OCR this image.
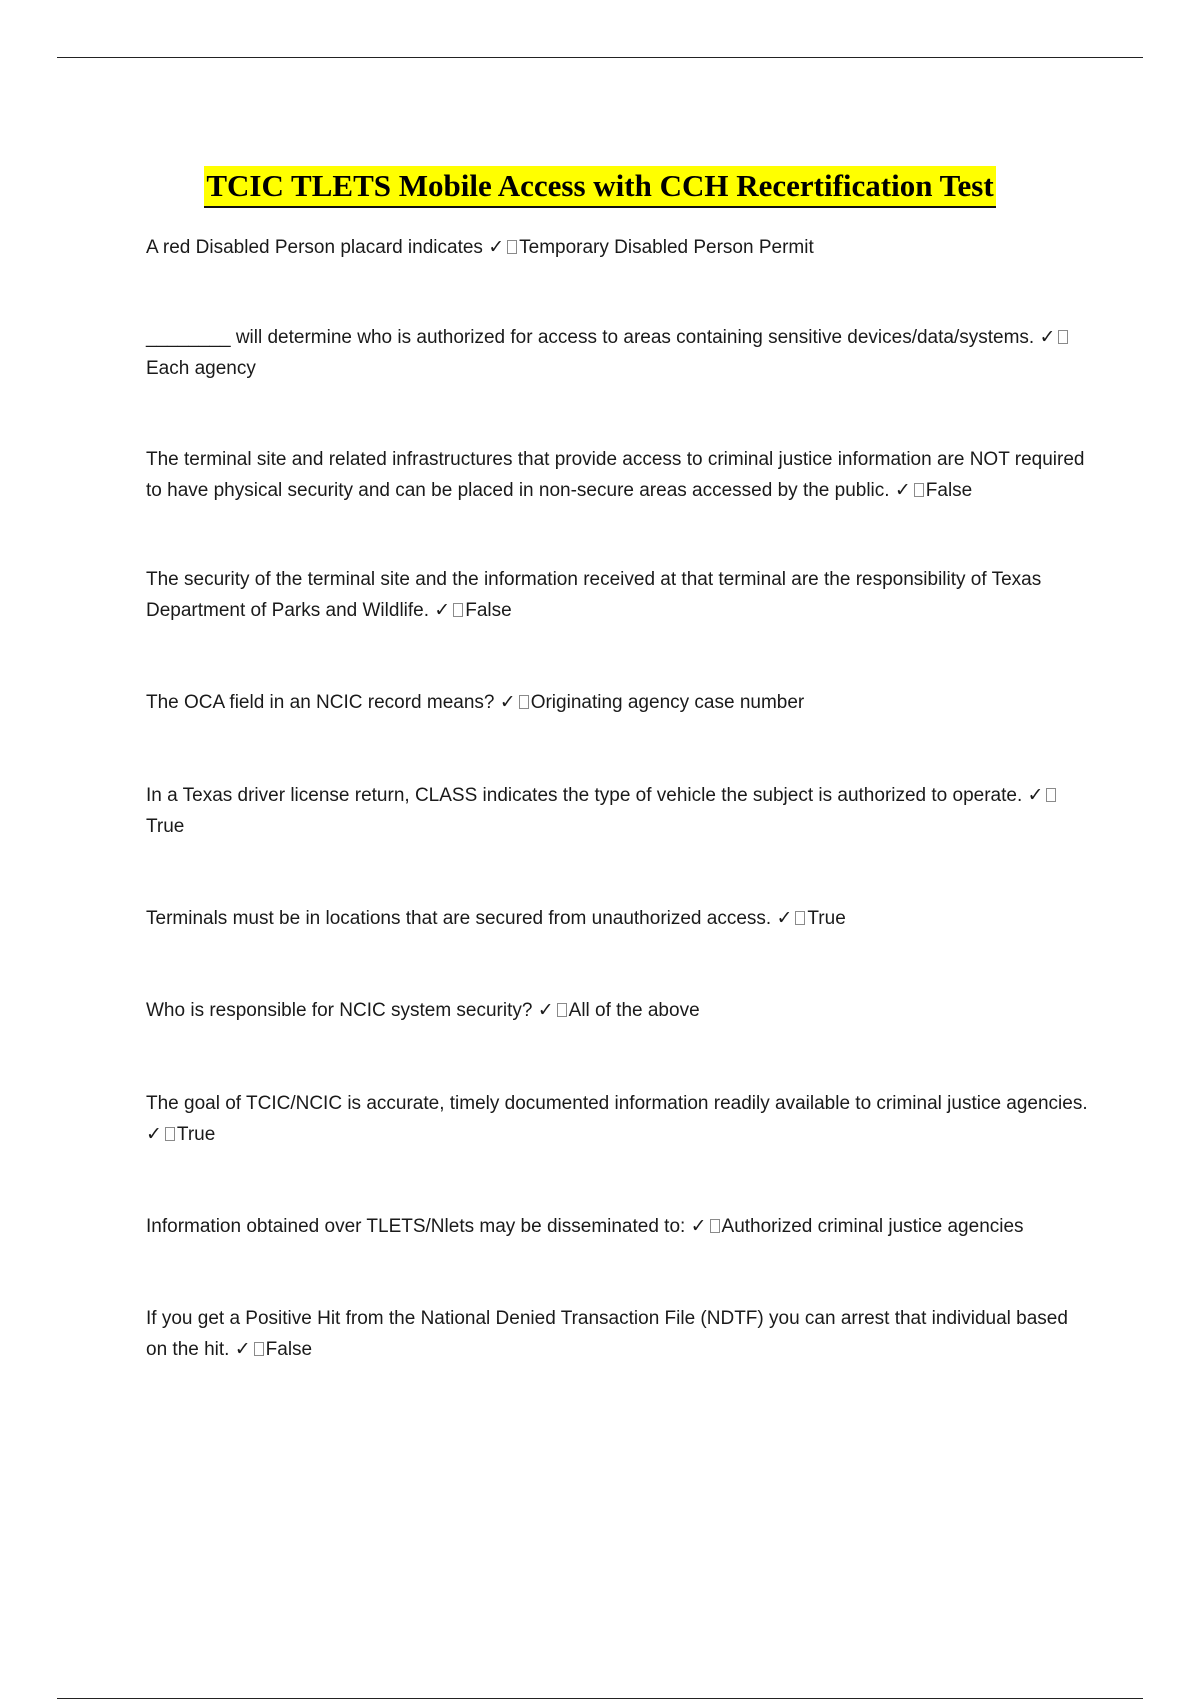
TCIC TLETS Mobile Access with CCH Recertification Test
A red Disabled Person placard indicates ✓ Temporary Disabled Person Permit
________ will determine who is authorized for access to areas containing sensitive devices/data/systems. ✓Each agency
The terminal site and related infrastructures that provide access to criminal justice information are NOT required to have physical security and can be placed in non-secure areas accessed by the public. ✓ False
The security of the terminal site and the information received at that terminal are the responsibility of Texas Department of Parks and Wildlife. ✓ False
The OCA field in an NCIC record means? ✓ Originating agency case number
In a Texas driver license return, CLASS indicates the type of vehicle the subject is authorized to operate. ✓True
Terminals must be in locations that are secured from unauthorized access. ✓ True
Who is responsible for NCIC system security? ✓ All of the above
The goal of TCIC/NCIC is accurate, timely documented information readily available to criminal justice agencies. ✓ True
Information obtained over TLETS/Nlets may be disseminated to: ✓ Authorized criminal justice agencies
If you get a Positive Hit from the National Denied Transaction File (NDTF) you can arrest that individual based on the hit. ✓ False
